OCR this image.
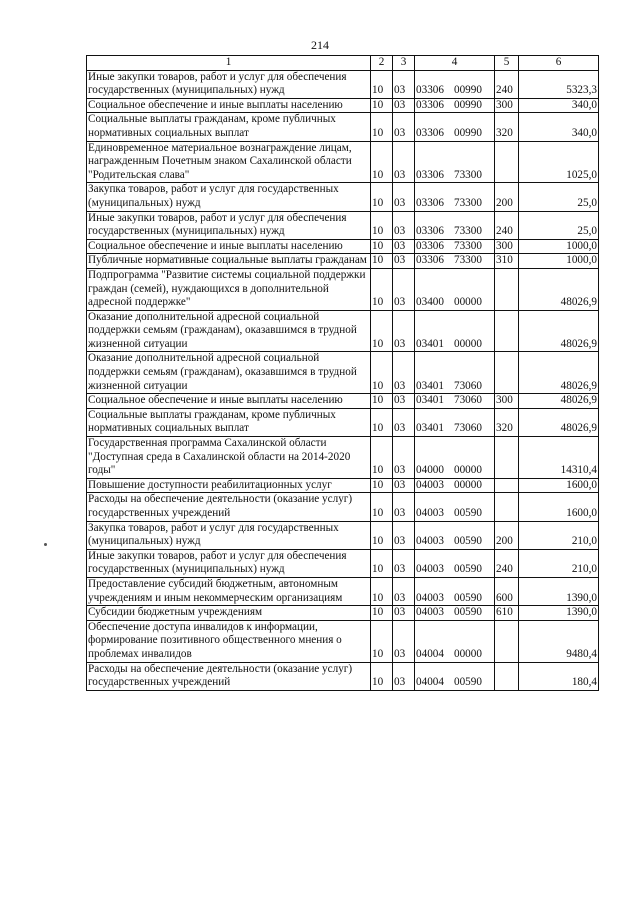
214
1	2	3	4	5	6
Иные закупки товаров, работ и услуг для обеспечения государственных (муниципальных) нужд	10	03	03306 00990	240	5323,3
Социальное обеспечение и иные выплаты населению	10	03	03306 00990	300	340,0
Социальные выплаты гражданам, кроме публичных нормативных социальных выплат	10	03	03306 00990	320	340,0
Единовременное материальное вознаграждение лицам, награжденным Почетным знаком Сахалинской области "Родительская слава"	10	03	03306 73300		1025,0
Закупка товаров, работ и услуг для государственных (муниципальных) нужд	10	03	03306 73300	200	25,0
Иные закупки товаров, работ и услуг для обеспечения государственных (муниципальных) нужд	10	03	03306 73300	240	25,0
Социальное обеспечение и иные выплаты населению	10	03	03306 73300	300	1000,0
Публичные нормативные социальные выплаты гражданам	10	03	03306 73300	310	1000,0
Подпрограмма "Развитие системы социальной поддержки граждан (семей), нуждающихся в дополнительной адресной поддержке"	10	03	03400 00000		48026,9
Оказание дополнительной адресной социальной поддержки семьям (гражданам), оказавшимся в трудной жизненной ситуации	10	03	03401 00000		48026,9
Оказание дополнительной адресной социальной поддержки семьям (гражданам), оказавшимся в трудной жизненной ситуации	10	03	03401 73060		48026,9
Социальное обеспечение и иные выплаты населению	10	03	03401 73060	300	48026,9
Социальные выплаты гражданам, кроме публичных нормативных социальных выплат	10	03	03401 73060	320	48026,9
Государственная программа Сахалинской области "Доступная среда в Сахалинской области на 2014-2020 годы"	10	03	04000 00000		14310,4
Повышение доступности реабилитационных услуг	10	03	04003 00000		1600,0
Расходы на обеспечение деятельности (оказание услуг) государственных учреждений	10	03	04003 00590		1600,0
Закупка товаров, работ и услуг для государственных (муниципальных) нужд	10	03	04003 00590	200	210,0
Иные закупки товаров, работ и услуг для обеспечения государственных (муниципальных) нужд	10	03	04003 00590	240	210,0
Предоставление субсидий бюджетным, автономным учреждениям и иным некоммерческим организациям	10	03	04003 00590	600	1390,0
Субсидии бюджетным учреждениям	10	03	04003 00590	610	1390,0
Обеспечение доступа инвалидов к информации, формирование позитивного общественного мнения о проблемах инвалидов	10	03	04004 00000		9480,4
Расходы на обеспечение деятельности (оказание услуг) государственных учреждений	10	03	04004 00590		180,4
